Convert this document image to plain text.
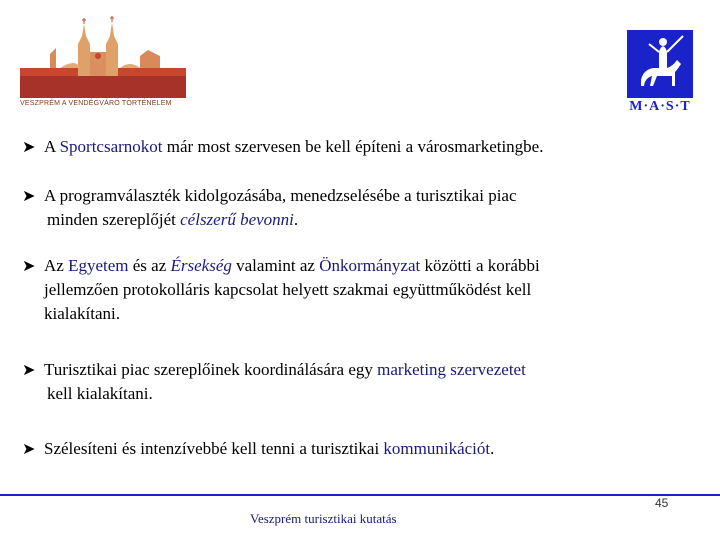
VESZPRÉM A VENDÉGVÁRÓ TÖRTÉNELEM	M·A·S·T
➤ A Sportcsarnokot már most szervesen be kell építeni a városmarketingbe.
➤ A programválaszték kidolgozásába, menedzselésébe a turisztikai piac
minden szereplőjét célszerű bevonni.
➤ Az Egyetem és az Érsekség valamint az Önkormányzat közötti a korábbi
jellemzően protokolláris kapcsolat helyett szakmai együttműködést kell
kialakítani.
➤ Turisztikai piac szereplőinek koordinálására egy marketing szervezetet
kell kialakítani.
➤ Szélesíteni és intenzívebbé kell tenni a turisztikai kommunikációt.
45
Veszprém turisztikai kutatás
